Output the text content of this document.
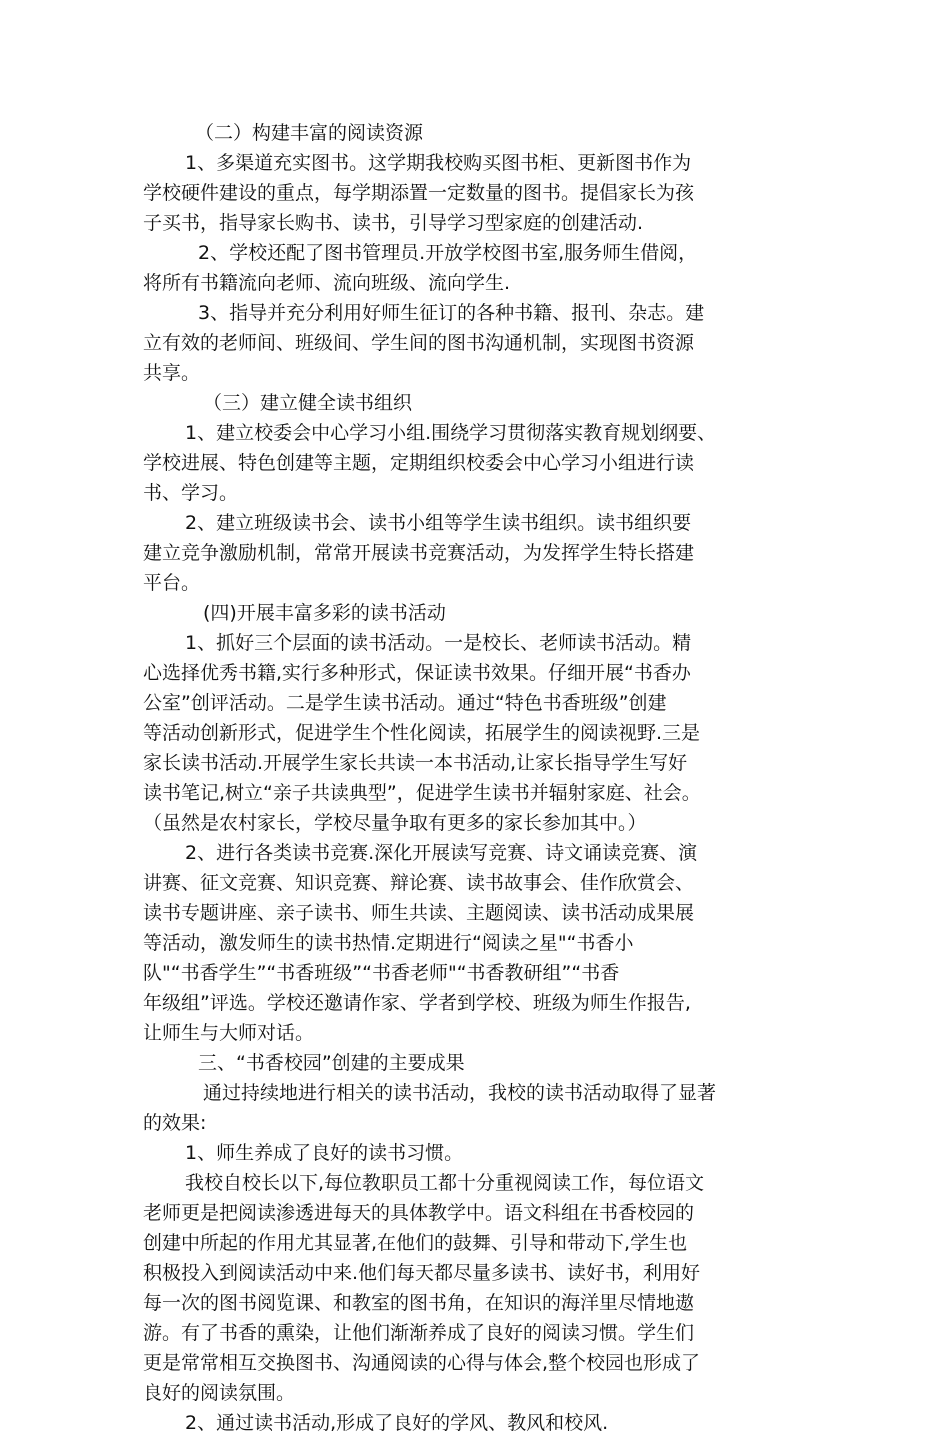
（二）构建丰富的阅读资源
1、多渠道充实图书。这学期我校购买图书柜、更新图书作为
学校硬件建设的重点，每学期添置一定数量的图书。提倡家长为孩
子买书，指导家长购书、读书，引导学习型家庭的创建活动.
2、学校还配了图书管理员.开放学校图书室,服务师生借阅，
将所有书籍流向老师、流向班级、流向学生.
3、指导并充分利用好师生征订的各种书籍、报刊、杂志。建
立有效的老师间、班级间、学生间的图书沟通机制，实现图书资源
共享。
（三）建立健全读书组织
1、建立校委会中心学习小组.围绕学习贯彻落实教育规划纲要、
学校进展、特色创建等主题，定期组织校委会中心学习小组进行读
书、学习。
2、建立班级读书会、读书小组等学生读书组织。读书组织要
建立竞争激励机制，常常开展读书竞赛活动，为发挥学生特长搭建
平台。
(四)开展丰富多彩的读书活动
1、抓好三个层面的读书活动。一是校长、老师读书活动。精
心选择优秀书籍,实行多种形式，保证读书效果。仔细开展“书香办
公室”创评活动。二是学生读书活动。通过“特色书香班级”创建
等活动创新形式，促进学生个性化阅读，拓展学生的阅读视野.三是
家长读书活动.开展学生家长共读一本书活动,让家长指导学生写好
读书笔记,树立“亲子共读典型”，促进学生读书并辐射家庭、社会。
（虽然是农村家长，学校尽量争取有更多的家长参加其中。）
2、进行各类读书竞赛.深化开展读写竞赛、诗文诵读竞赛、演
讲赛、征文竞赛、知识竞赛、辩论赛、读书故事会、佳作欣赏会、
读书专题讲座、亲子读书、师生共读、主题阅读、读书活动成果展
等活动，激发师生的读书热情.定期进行“阅读之星"“书香小
队"“书香学生”“书香班级”“书香老师"“书香教研组”“书香
年级组”评选。学校还邀请作家、学者到学校、班级为师生作报告,
让师生与大师对话。
三、“书香校园”创建的主要成果
通过持续地进行相关的读书活动，我校的读书活动取得了显著
的效果:
1、师生养成了良好的读书习惯。
我校自校长以下,每位教职员工都十分重视阅读工作，每位语文
老师更是把阅读渗透进每天的具体教学中。语文科组在书香校园的
创建中所起的作用尤其显著,在他们的鼓舞、引导和带动下,学生也
积极投入到阅读活动中来.他们每天都尽量多读书、读好书，利用好
每一次的图书阅览课、和教室的图书角，在知识的海洋里尽情地遨
游。有了书香的熏染，让他们渐渐养成了良好的阅读习惯。学生们
更是常常相互交换图书、沟通阅读的心得与体会,整个校园也形成了
良好的阅读氛围。
2、通过读书活动,形成了良好的学风、教风和校风.
